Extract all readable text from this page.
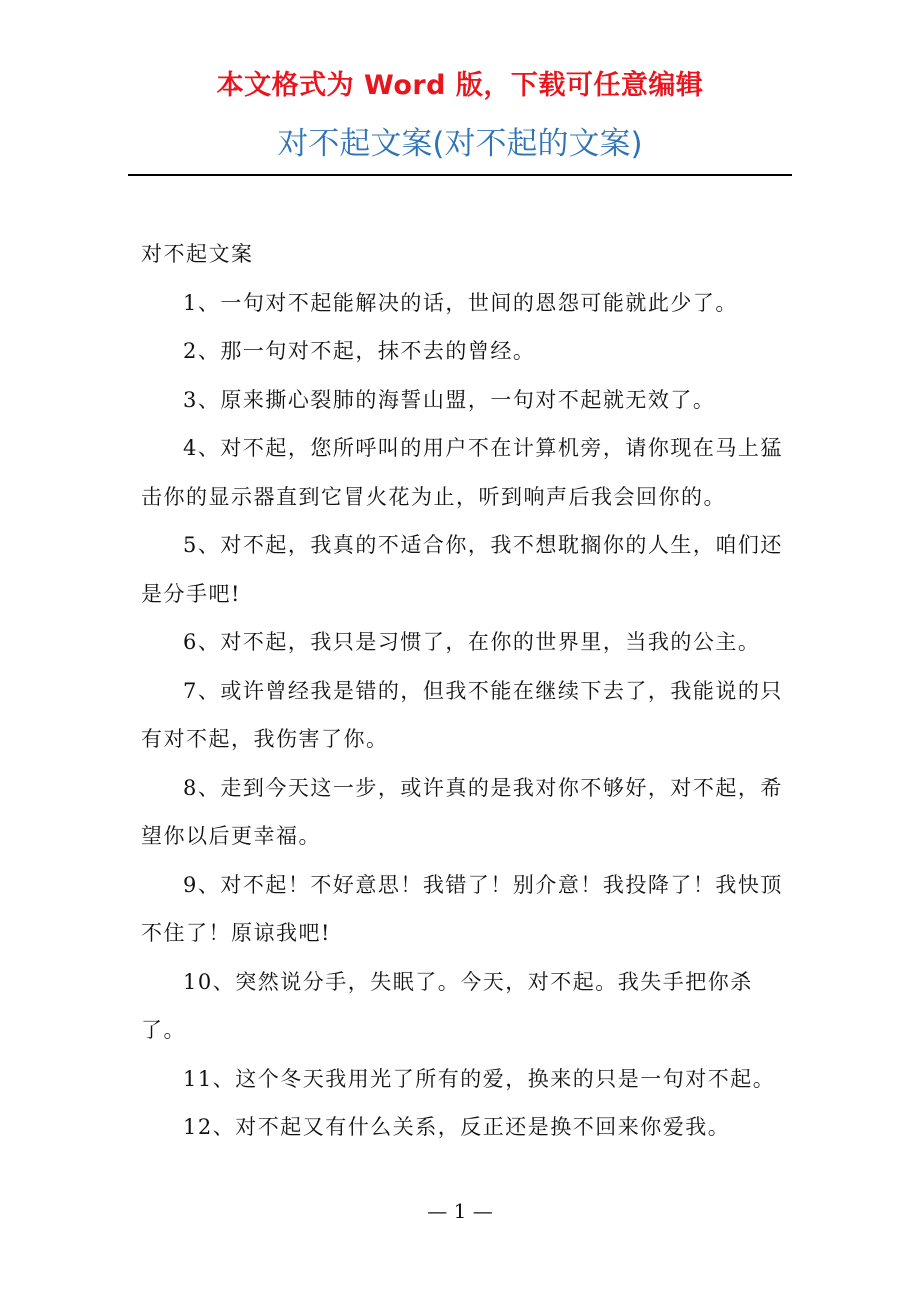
本文格式为 Word 版，下载可任意编辑
对不起文案(对不起的文案)

对不起文案

1、一句对不起能解决的话，世间的恩怨可能就此少了。

2、那一句对不起，抹不去的曾经。

3、原来撕心裂肺的海誓山盟，一句对不起就无效了。

4、对不起，您所呼叫的用户不在计算机旁，请你现在马上猛击你的显示器直到它冒火花为止，听到响声后我会回你的。

5、对不起，我真的不适合你，我不想耽搁你的人生，咱们还是分手吧!

6、对不起，我只是习惯了，在你的世界里，当我的公主。

7、或许曾经我是错的，但我不能在继续下去了，我能说的只有对不起，我伤害了你。

8、走到今天这一步，或许真的是我对你不够好，对不起，希望你以后更幸福。

9、对不起！不好意思！我错了！别介意！我投降了！我快顶不住了！原谅我吧!

10、突然说分手，失眠了。今天，对不起。我失手把你杀了。

11、这个冬天我用光了所有的爱，换来的只是一句对不起。

12、对不起又有什么关系，反正还是换不回来你爱我。

— 1 —
